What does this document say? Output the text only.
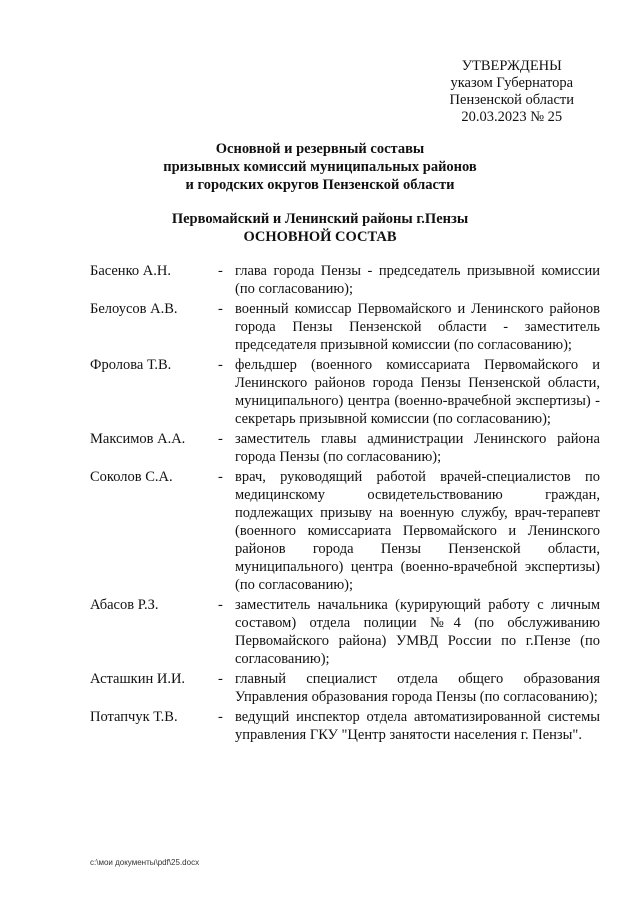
УТВЕРЖДЕНЫ
указом Губернатора
Пензенской области
20.03.2023 № 25
Основной и резервный составы
призывных комиссий муниципальных районов
и городских округов Пензенской области
Первомайский и Ленинский районы г.Пензы
ОСНОВНОЙ СОСТАВ
Басенко А.Н.	- глава города Пензы - председатель призывной комиссии (по согласованию);
Белоусов А.В.	- военный комиссар Первомайского и Ленинского районов города Пензы Пензенской области - заместитель председателя призывной комиссии (по согласованию);
Фролова Т.В.	- фельдшер (военного комиссариата Первомайского и Ленинского районов города Пензы Пензенской области, муниципального) центра (военно-врачебной экспертизы) - секретарь призывной комиссии (по согласованию);
Максимов А.А.	- заместитель главы администрации Ленинского района города Пензы (по согласованию);
Соколов С.А.	- врач, руководящий работой врачей-специалистов по медицинскому освидетельствованию граждан, подлежащих призыву на военную службу, врач-терапевт (военного комиссариата Первомайского и Ленинского районов города Пензы Пензенской области, муниципального) центра (военно-врачебной экспертизы) (по согласованию);
Абасов Р.З.	- заместитель начальника (курирующий работу с личным составом) отдела полиции №4 (по обслуживанию Первомайского района) УМВД России по г.Пензе (по согласованию);
Асташкин И.И.	- главный специалист отдела общего образования Управления образования города Пензы (по согласованию);
Потапчук Т.В.	- ведущий инспектор отдела автоматизированной системы управления ГКУ "Центр занятости населения г. Пензы".
c:\мои документы\pdf\25.docx
